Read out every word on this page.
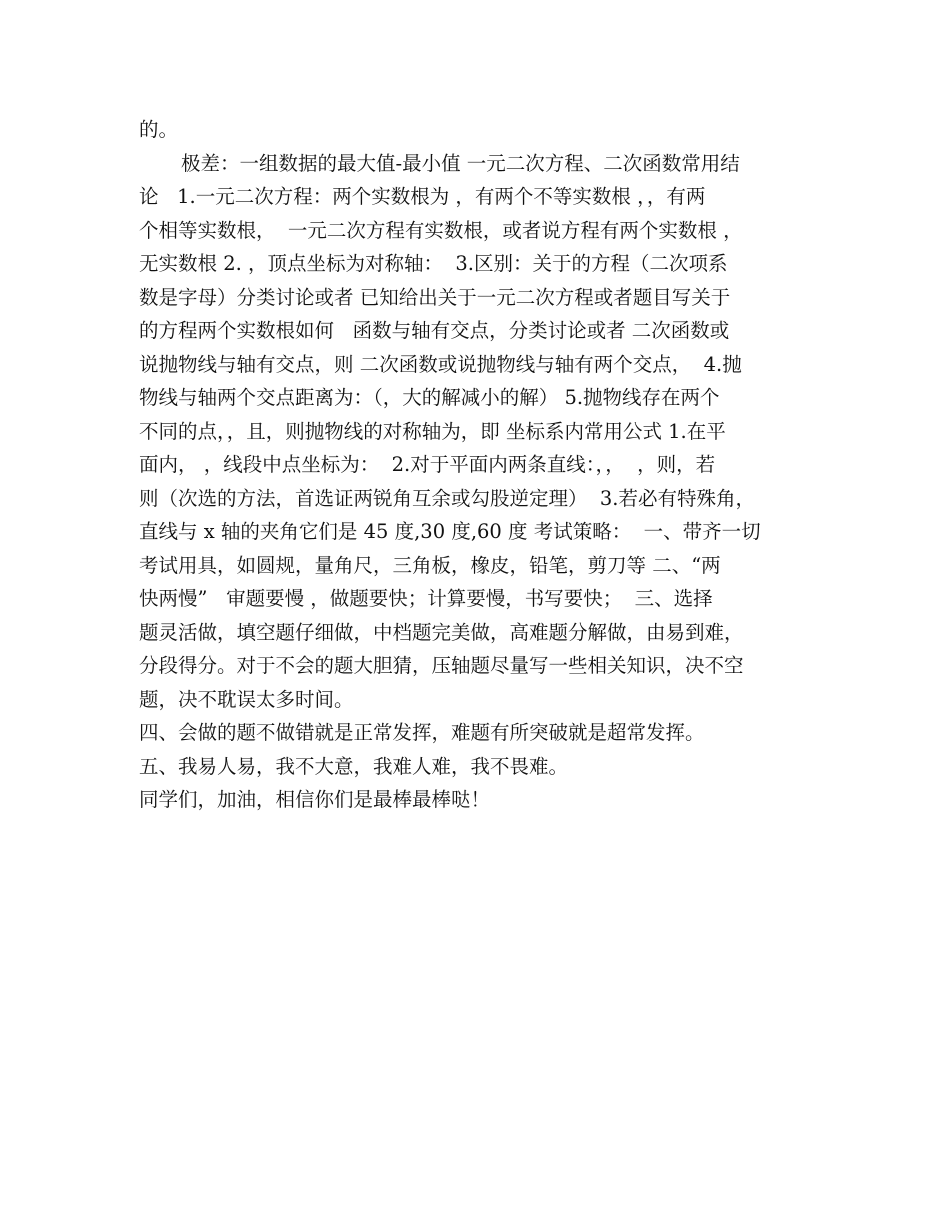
的。
极差：一组数据的最大值-最小值 一元二次方程、二次函数常用结
论   1.一元二次方程：两个实数根为 ，有两个不等实数根 ，，有两
个相等实数根，  一元二次方程有实数根，或者说方程有两个实数根 ，
无实数根 2. ，顶点坐标为对称轴：  3.区别：关于的方程（二次项系
数是字母）分类讨论或者 已知给出关于一元二次方程或者题目写关于
的方程两个实数根如何   函数与轴有交点，分类讨论或者 二次函数或
说抛物线与轴有交点，则 二次函数或说抛物线与轴有两个交点，  4.抛
物线与轴两个交点距离为：（，大的解减小的解） 5.抛物线存在两个
不同的点，，且，则抛物线的对称轴为，即 坐标系内常用公式 1.在平
面内， ，线段中点坐标为：  2.对于平面内两条直线：，，  ，则，若
则（次选的方法，首选证两锐角互余或勾股逆定理）  3.若必有特殊角，
直线与 x 轴的夹角它们是 45 度,30 度,60 度 考试策略：  一、带齐一切
考试用具，如圆规，量角尺，三角板，橡皮，铅笔，剪刀等 二、“两
快两慢”   审题要慢 ，做题要快；计算要慢，书写要快；  三、选择
题灵活做，填空题仔细做，中档题完美做，高难题分解做，由易到难，
分段得分。对于不会的题大胆猜，压轴题尽量写一些相关知识，决不空
题，决不耽误太多时间。
四、会做的题不做错就是正常发挥，难题有所突破就是超常发挥。
五、我易人易，我不大意，我难人难，我不畏难。
同学们，加油，相信你们是最棒最棒哒！
